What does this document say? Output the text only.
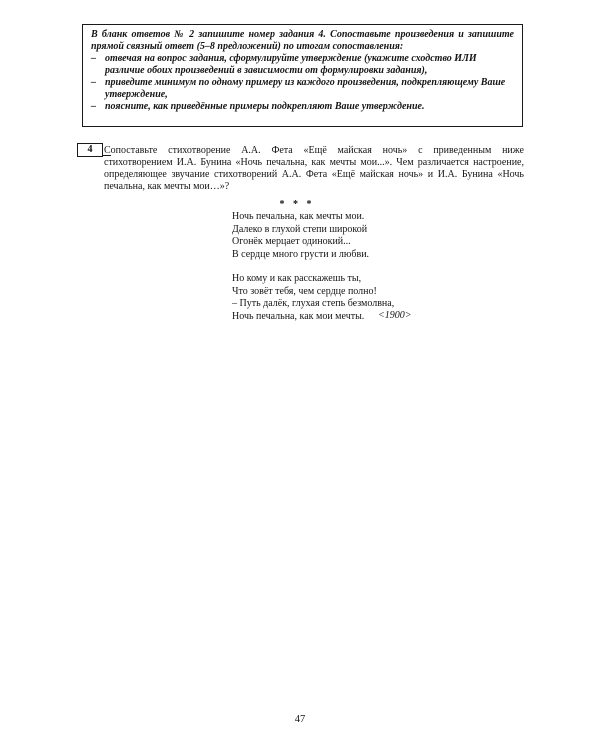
В бланк ответов № 2 запишите номер задания 4. Сопоставьте произведения и запишите прямой связный ответ (5–8 предложений) по итогам сопоставления:

– отвечая на вопрос задания, сформулируйте утверждение (укажите сходство ИЛИ различие обоих произведений в зависимости от формулировки задания),

– приведите минимум по одному примеру из каждого произведения, подкрепляющему Ваше утверждение,

– поясните, как приведённые примеры подкрепляют Ваше утверждение.

4	Сопоставьте стихотворение А.А. Фета «Ещё майская ночь» с приведенным ниже
стихотворением И.А. Бунина «Ночь печальна, как мечты мои...». Чем различается настроение,
определяющее звучание стихотворений А.А. Фета «Ещё майская ночь» и И.А. Бунина «Ночь
печальна, как мечты мои…»?

* * *

Ночь печальна, как мечты мои.
Далеко в глухой степи широкой
Огонёк мерцает одинокий...
В сердце много грусти и любви.
Но кому и как расскажешь ты,
Что зовёт тебя, чем сердце полно!
– Путь далёк, глухая степь безмолвна,
Ночь печальна, как мои мечты.	<1900>

47
